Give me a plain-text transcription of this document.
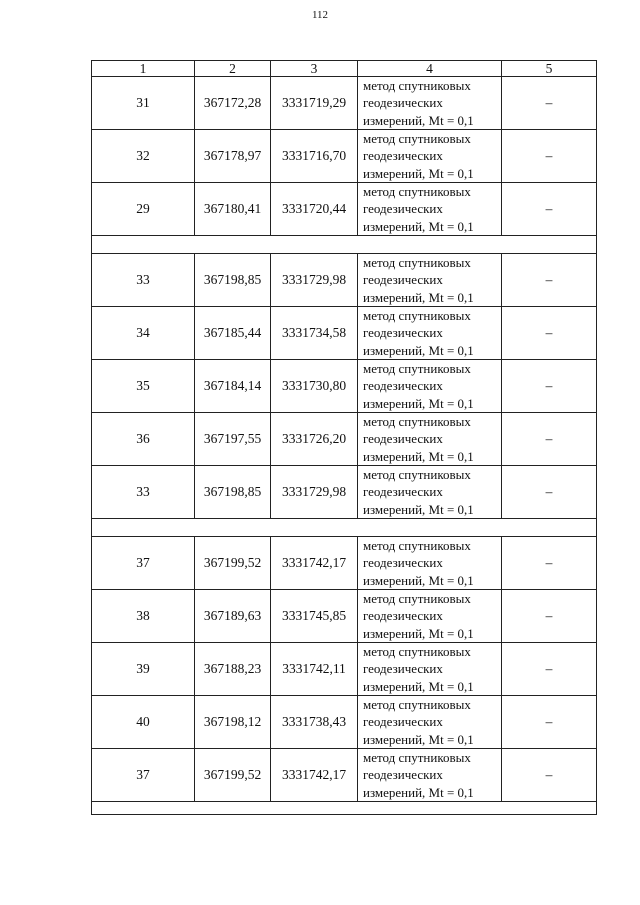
112
1	2	3	4	5
31	367172,28	3331719,29	метод спутниковых
геодезических
измерений, Mt = 0,1	–
32	367178,97	3331716,70	метод спутниковых
геодезических
измерений, Mt = 0,1	–
29	367180,41	3331720,44	метод спутниковых
геодезических
измерений, Mt = 0,1	–

33	367198,85	3331729,98	метод спутниковых
геодезических
измерений, Mt = 0,1	–
34	367185,44	3331734,58	метод спутниковых
геодезических
измерений, Mt = 0,1	–
35	367184,14	3331730,80	метод спутниковых
геодезических
измерений, Mt = 0,1	–
36	367197,55	3331726,20	метод спутниковых
геодезических
измерений, Mt = 0,1	–
33	367198,85	3331729,98	метод спутниковых
геодезических
измерений, Mt = 0,1	–

37	367199,52	3331742,17	метод спутниковых
геодезических
измерений, Mt = 0,1	–
38	367189,63	3331745,85	метод спутниковых
геодезических
измерений, Mt = 0,1	–
39	367188,23	3331742,11	метод спутниковых
геодезических
измерений, Mt = 0,1	–
40	367198,12	3331738,43	метод спутниковых
геодезических
измерений, Mt = 0,1	–
37	367199,52	3331742,17	метод спутниковых
геодезических
измерений, Mt = 0,1	–
